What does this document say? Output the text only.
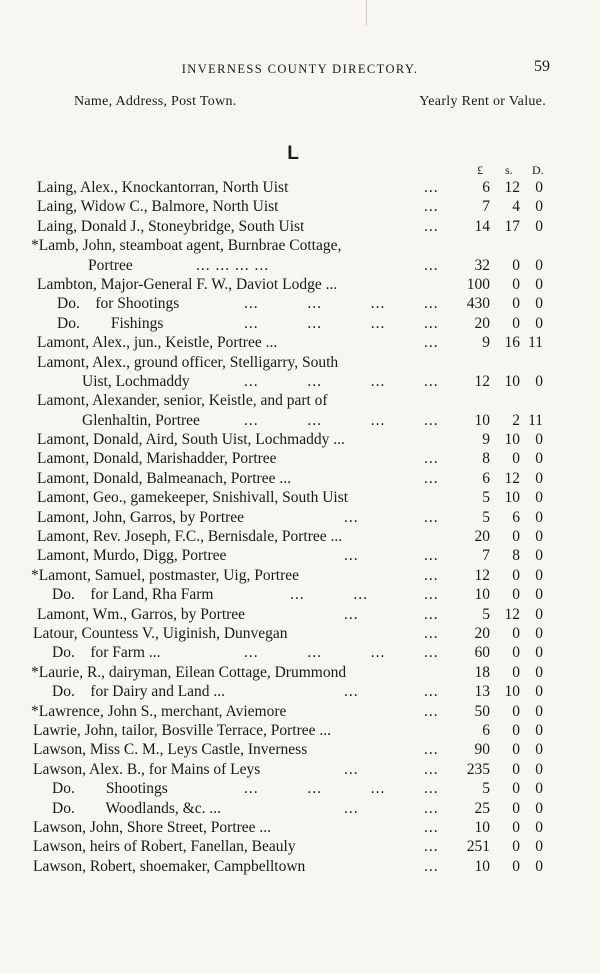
INVERNESS COUNTY DIRECTORY.	59
Name, Address, Post Town.	Yearly Rent or Value.
L
£ s. D.
Laing, Alex., Knockantorran, North Uist	...	6 12 0
Laing, Widow C., Balmore, North Uist	...	7 4 0
Laing, Donald J., Stoneybridge, South Uist	... 14 17 0
*Lamb, John, steamboat agent, Burnbrae Cottage,
Portree	... ... ... ...	... 32 0 0
Lambton, Major-General F. W., Daviot Lodge ...	100 0 0
Do.    for Shootings	...          ...          ... ... 430 0 0
Do.        Fishings	...          ...          ... ... 20 0 0
Lamont, Alex., jun., Keistle, Portree ...	...	9 16 11
Lamont, Alex., ground officer, Stelligarry, South
Uist, Lochmaddy	...          ...          ... ... 12 10 0
Lamont, Alexander, senior, Keistle, and part of
Glenhaltin, Portree	...          ...          ... ... 10 2 11
Lamont, Donald, Aird, South Uist, Lochmaddy ...	9 10 0
Lamont, Donald, Marishadder, Portree	...	8 0 0
Lamont, Donald, Balmeanach, Portree ...	...	6 12 0
Lamont, Geo., gamekeeper, Snishivall, South Uist	5 10 0
Lamont, John, Garros, by Portree	...	...	5 6 0
Lamont, Rev. Joseph, F.C., Bernisdale, Portree ...	20 0 0
Lamont, Murdo, Digg, Portree	...	...	7 8 0
*Lamont, Samuel, postmaster, Uig, Portree	... 12 0 0
Do.    for Land, Rha Farm	...          ...	... 10 0 0
Lamont, Wm., Garros, by Portree	...	...	5 12 0
Latour, Countess V., Uiginish, Dunvegan	... 20 0 0
Do.    for Farm ...	...          ...          ... ... 60 0 0
*Laurie, R., dairyman, Eilean Cottage, Drummond	18 0 0
Do.    for Dairy and Land ...	...	... 13 10 0
*Lawrence, John S., merchant, Aviemore	... 50 0 0
Lawrie, John, tailor, Bosville Terrace, Portree ...	6 0 0
Lawson, Miss C. M., Leys Castle, Inverness	... 90 0 0
Lawson, Alex. B., for Mains of Leys	...	... 235 0 0
Do.        Shootings	...          ...          ... ...	5 0 0
Do.        Woodlands, &c. ...	...	... 25 0 0
Lawson, John, Shore Street, Portree ...	... 10 0 0
Lawson, heirs of Robert, Fanellan, Beauly	... 251 0 0
Lawson, Robert, shoemaker, Campbelltown	... 10 0 0
